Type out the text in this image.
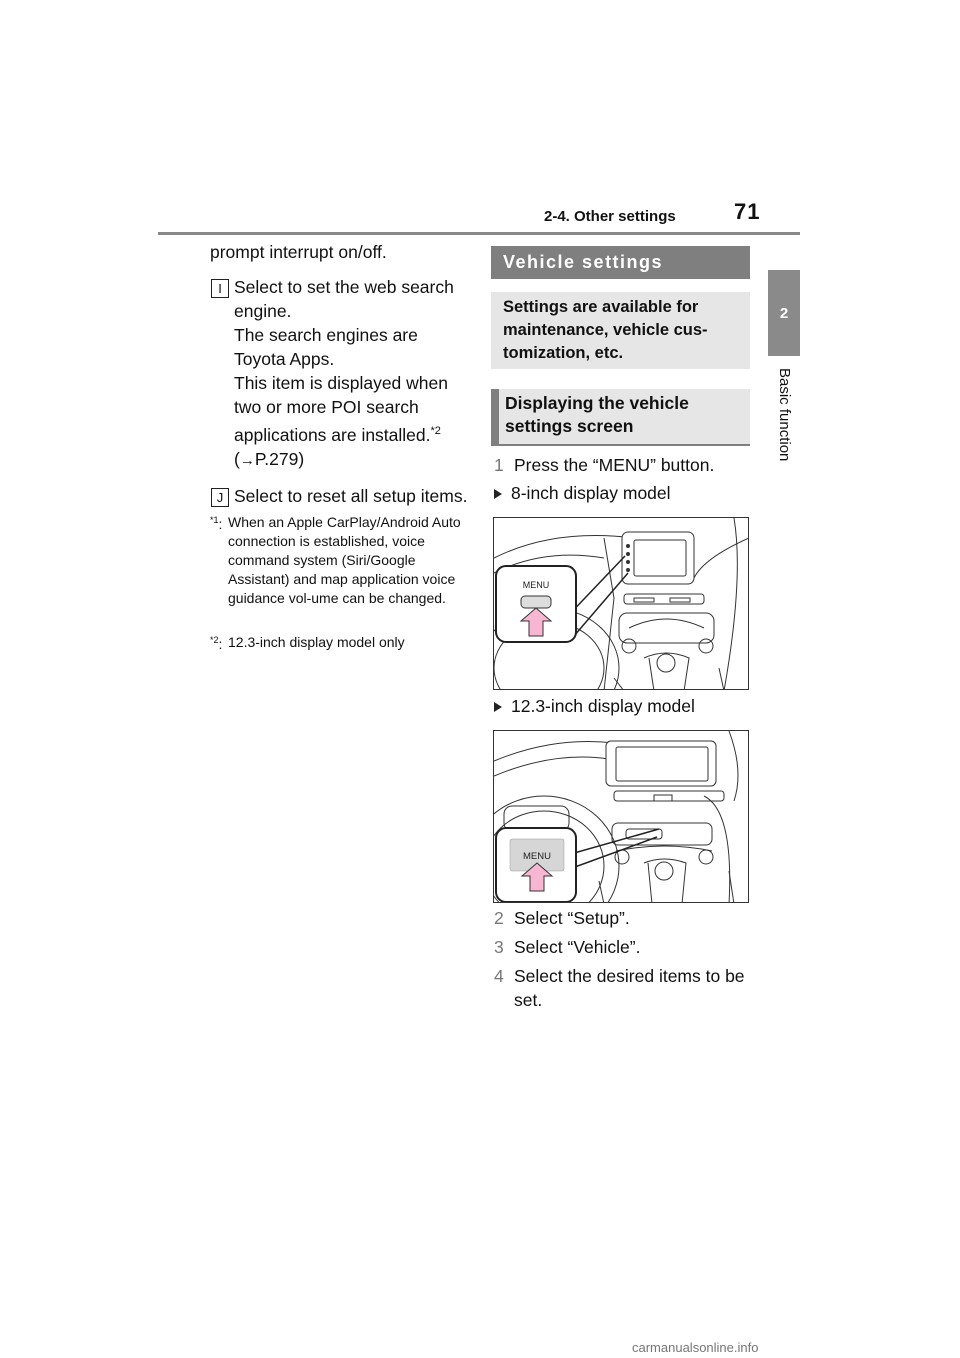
2-4. Other settings	71
2
Basic function

prompt interrupt on/off.

I Select to set the web search engine.

The search engines are Toyota Apps.

This item is displayed when two or more POI search applications are installed.$^{*2}$

(→P.279)

J Select to reset all setup items.

$^{*1}$: When an Apple CarPlay/Android Auto connection is established, voice command system (Siri/Google Assistant) and map application voice guidance vol-ume can be changed.
$^{*2}$: 12.3-inch display model only
Vehicle settings
Settings are available for maintenance, vehicle cus-tomization, etc.
Displaying the vehicle settings screen
1 Press the “MENU” button.
8-inch display model
MENU
12.3-inch display model
MENU
2 Select “Setup”.
3 Select “Vehicle”.
4 Select the desired items to be set.
carmanualsonline.info
